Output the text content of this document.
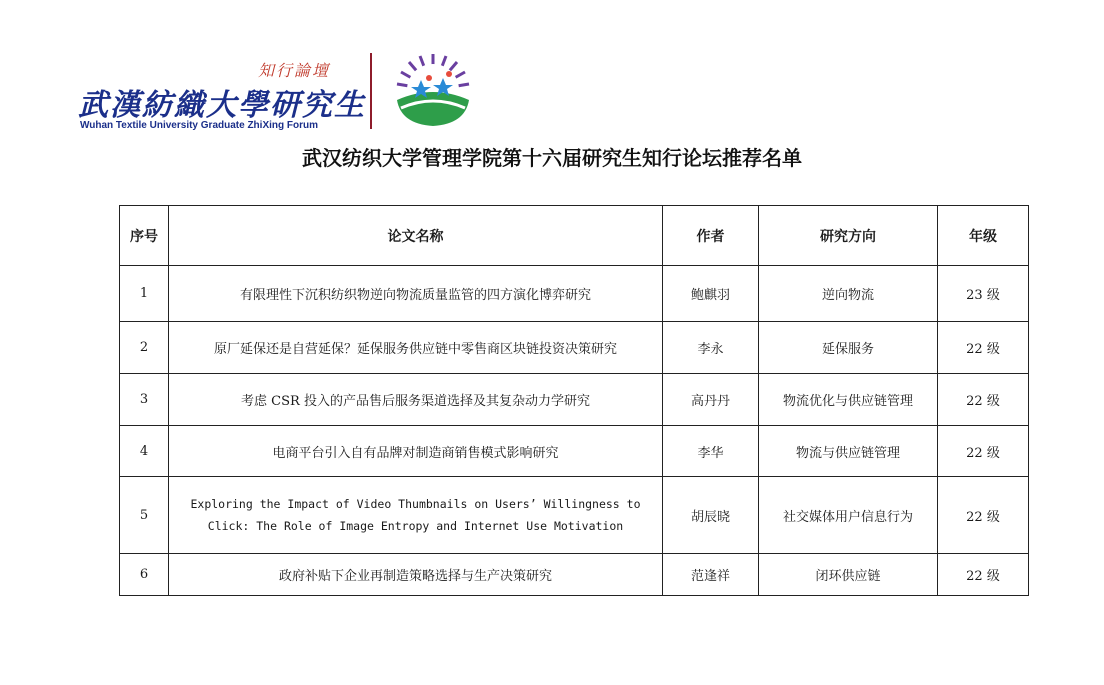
知行論壇
武漢紡織大學研究生
Wuhan Textile University Graduate ZhiXing Forum
武汉纺织大学管理学院第十六届研究生知行论坛推荐名单
序号	论文名称	作者	研究方向	年级
1	有限理性下沉积纺织物逆向物流质量监管的四方演化博弈研究	鲍麒羽	逆向物流	23 级
2	原厂延保还是自营延保？延保服务供应链中零售商区块链投资决策研究	李永	延保服务	22 级
3	考虑 CSR 投入的产品售后服务渠道选择及其复杂动力学研究	高丹丹	物流优化与供应链管理	22 级
4	电商平台引入自有品牌对制造商销售模式影响研究	李华	物流与供应链管理	22 级
5	Exploring the Impact of Video Thumbnails on Users’ Willingness to Click: The Role of Image Entropy and Internet Use Motivation	胡辰晓	社交媒体用户信息行为	22 级
6	政府补贴下企业再制造策略选择与生产决策研究	范逢祥	闭环供应链	22 级
